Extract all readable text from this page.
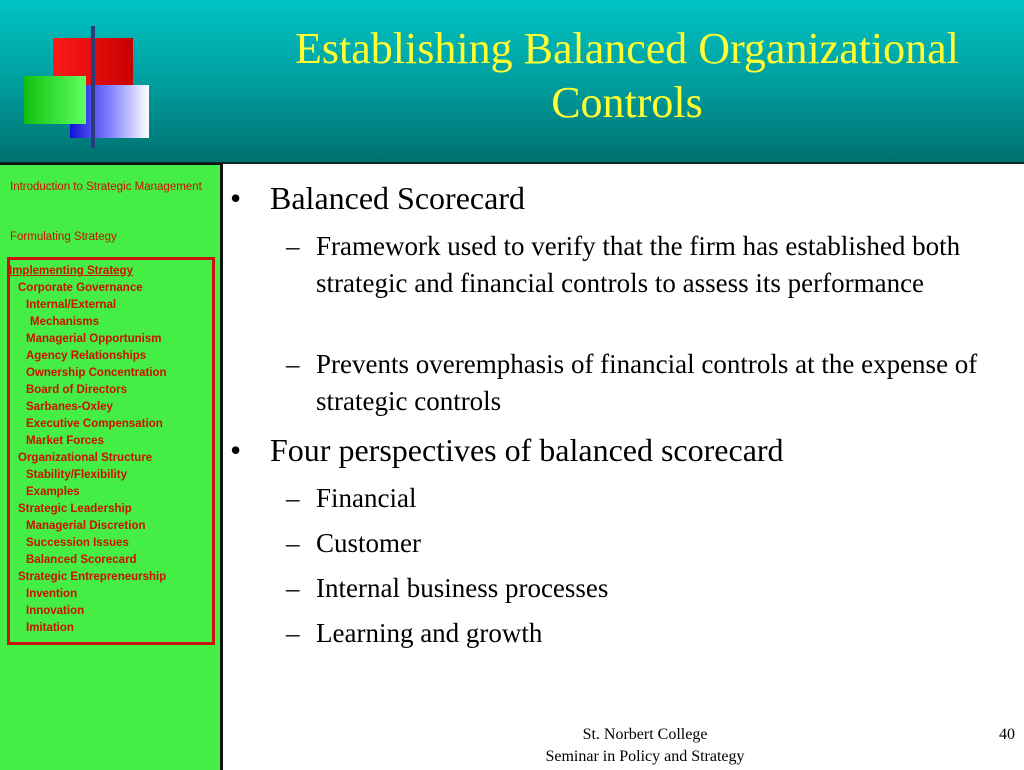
Establishing Balanced Organizational Controls
Introduction to Strategic Management
Formulating Strategy
Implementing Strategy
Corporate Governance
Internal/External
Mechanisms
Managerial Opportunism
Agency Relationships
Ownership Concentration
Board of Directors
Sarbanes-Oxley
Executive Compensation
Market Forces
Organizational Structure
Stability/Flexibility
Examples
Strategic Leadership
Managerial Discretion
Succession Issues
Balanced Scorecard
Strategic Entrepreneurship
Invention
Innovation
Imitation
• Balanced Scorecard
– Framework used to verify that the firm has established both strategic and financial controls to assess its performance
– Prevents overemphasis of financial controls at the expense of strategic controls
• Four perspectives of balanced scorecard
– Financial
– Customer
– Internal business processes
– Learning and growth
St. Norbert College
Seminar in Policy and Strategy
40
